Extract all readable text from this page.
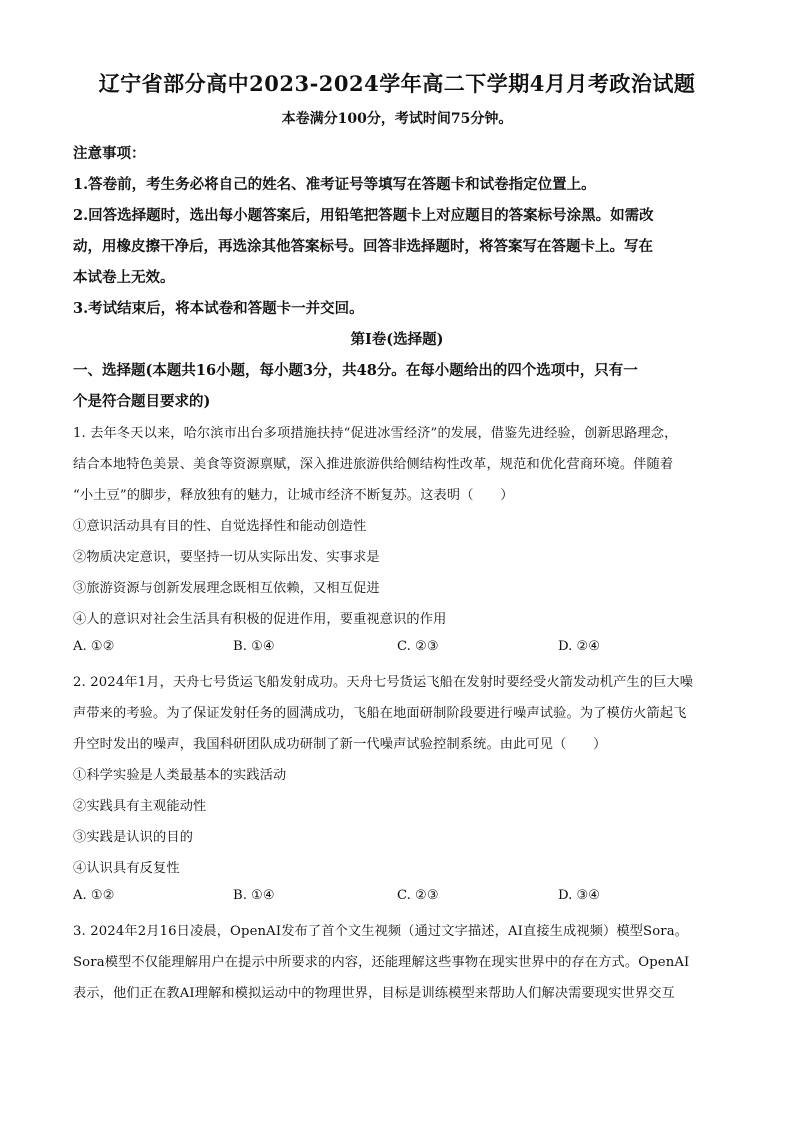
辽宁省部分高中2023-2024学年高二下学期4月月考政治试题
本卷满分100分，考试时间75分钟。
注意事项：
1.答卷前，考生务必将自己的姓名、准考证号等填写在答题卡和试卷指定位置上。
2.回答选择题时，选出每小题答案后，用铅笔把答题卡上对应题目的答案标号涂黑。如需改
动，用橡皮擦干净后，再选涂其他答案标号。回答非选择题时，将答案写在答题卡上。写在
本试卷上无效。
3.考试结束后，将本试卷和答题卡一并交回。
第Ⅰ卷(选择题)
一、选择题(本题共16小题，每小题3分，共48分。在每小题给出的四个选项中，只有一
个是符合题目要求的)
1. 去年冬天以来，哈尔滨市出台多项措施扶持“促进冰雪经济”的发展，借鉴先进经验，创新思路理念，
结合本地特色美景、美食等资源禀赋，深入推进旅游供给侧结构性改革，规范和优化营商环境。伴随着
“小土豆”的脚步，释放独有的魅力，让城市经济不断复苏。这表明（　　）
①意识活动具有目的性、自觉选择性和能动创造性
②物质决定意识，要坚持一切从实际出发、实事求是
③旅游资源与创新发展理念既相互依赖，又相互促进
④人的意识对社会生活具有积极的促进作用，要重视意识的作用
A. ①②	B. ①④	C. ②③	D. ②④
2. 2024年1月，天舟七号货运飞船发射成功。天舟七号货运飞船在发射时要经受火箭发动机产生的巨大噪
声带来的考验。为了保证发射任务的圆满成功，飞船在地面研制阶段要进行噪声试验。为了模仿火箭起飞
升空时发出的噪声，我国科研团队成功研制了新一代噪声试验控制系统。由此可见（　　）
①科学实验是人类最基本的实践活动
②实践具有主观能动性
③实践是认识的目的
④认识具有反复性
A. ①②	B. ①④	C. ②③	D. ③④
3. 2024年2月16日凌晨，OpenAI发布了首个文生视频（通过文字描述，AI直接生成视频）模型Sora。
Sora模型不仅能理解用户在提示中所要求的内容，还能理解这些事物在现实世界中的存在方式。OpenAI
表示，他们正在教AI理解和模拟运动中的物理世界，目标是训练模型来帮助人们解决需要现实世界交互
